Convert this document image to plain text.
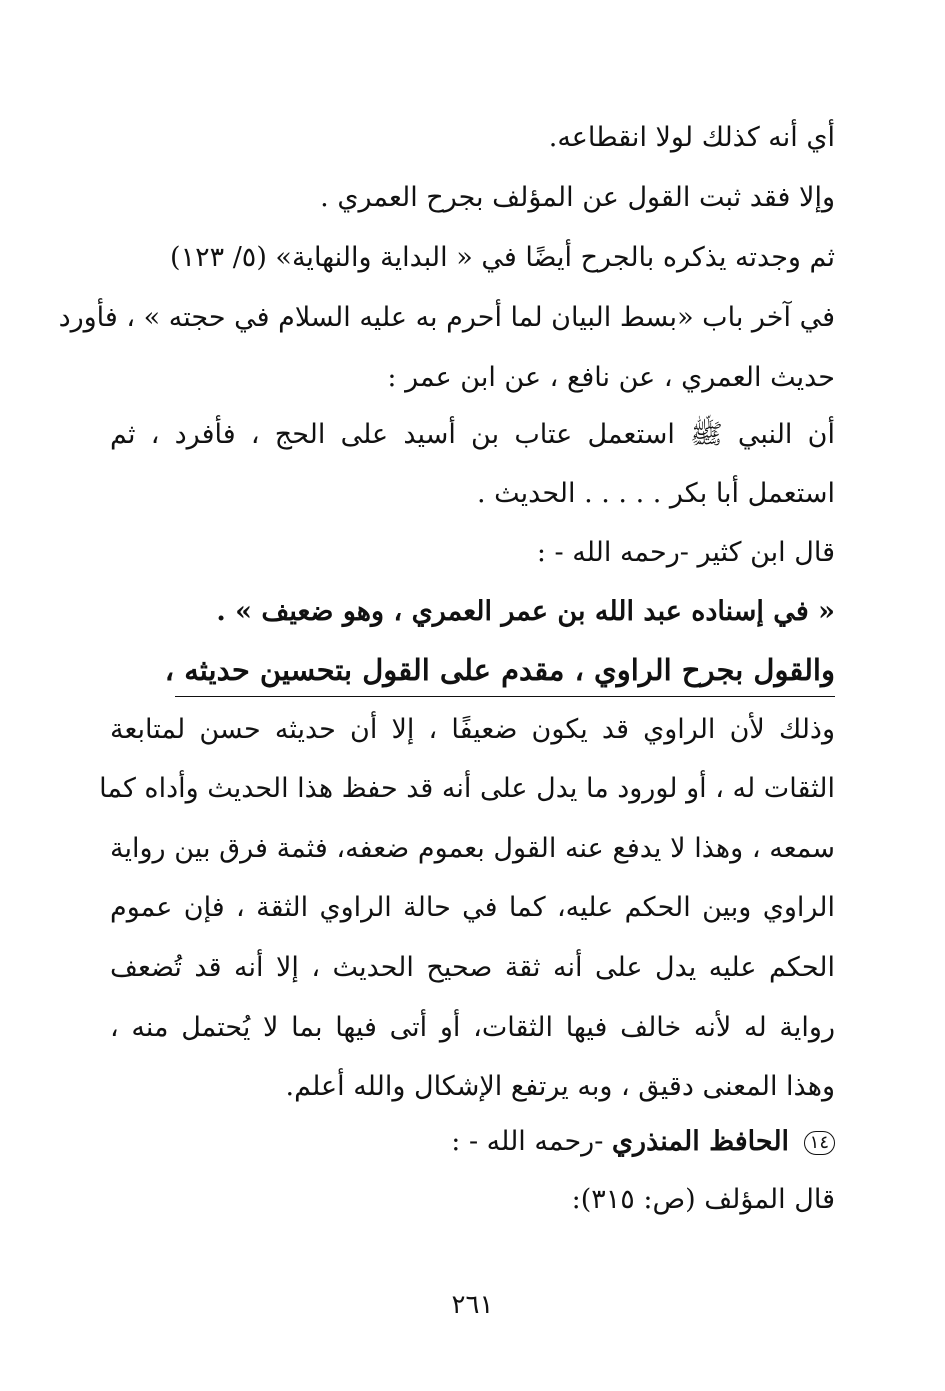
أي أنه كذلك لولا انقطاعه.
وإلا فقد ثبت القول عن المؤلف بجرح العمري .
ثم وجدته يذكره بالجرح أيضًا في « البداية والنهاية» (٥/ ١٢٣)
في آخر باب «بسط البيان لما أحرم به عليه السلام في حجته » ، فأورد
حديث العمري ، عن نافع ، عن ابن عمر :
أن النبي ﷺ استعمل عتاب بن أسيد على الحج ، فأفرد ، ثم
استعمل أبا بكر . . . . . الحديث .
قال ابن كثير -رحمه الله - :
« في إسناده عبد الله بن عمر العمري ، وهو ضعيف » .
والقول بجرح الراوي ، مقدم على القول بتحسين حديثه ،
وذلك لأن الراوي قد يكون ضعيفًا ، إلا أن حديثه حسن لمتابعة
الثقات له ، أو لورود ما يدل على أنه قد حفظ هذا الحديث وأداه كما
سمعه ، وهذا لا يدفع عنه القول بعموم ضعفه، فثمة فرق بين رواية
الراوي وبين الحكم عليه، كما في حالة الراوي الثقة ، فإن عموم
الحكم عليه يدل على أنه ثقة صحيح الحديث ، إلا أنه قد تُضعف
رواية له لأنه خالف فيها الثقات، أو أتى فيها بما لا يُحتمل منه ،
وهذا المعنى دقيق ، وبه يرتفع الإشكال والله أعلم.
١٤ الحافظ المنذري -رحمه الله - :
قال المؤلف (ص: ٣١٥):
٢٦١
